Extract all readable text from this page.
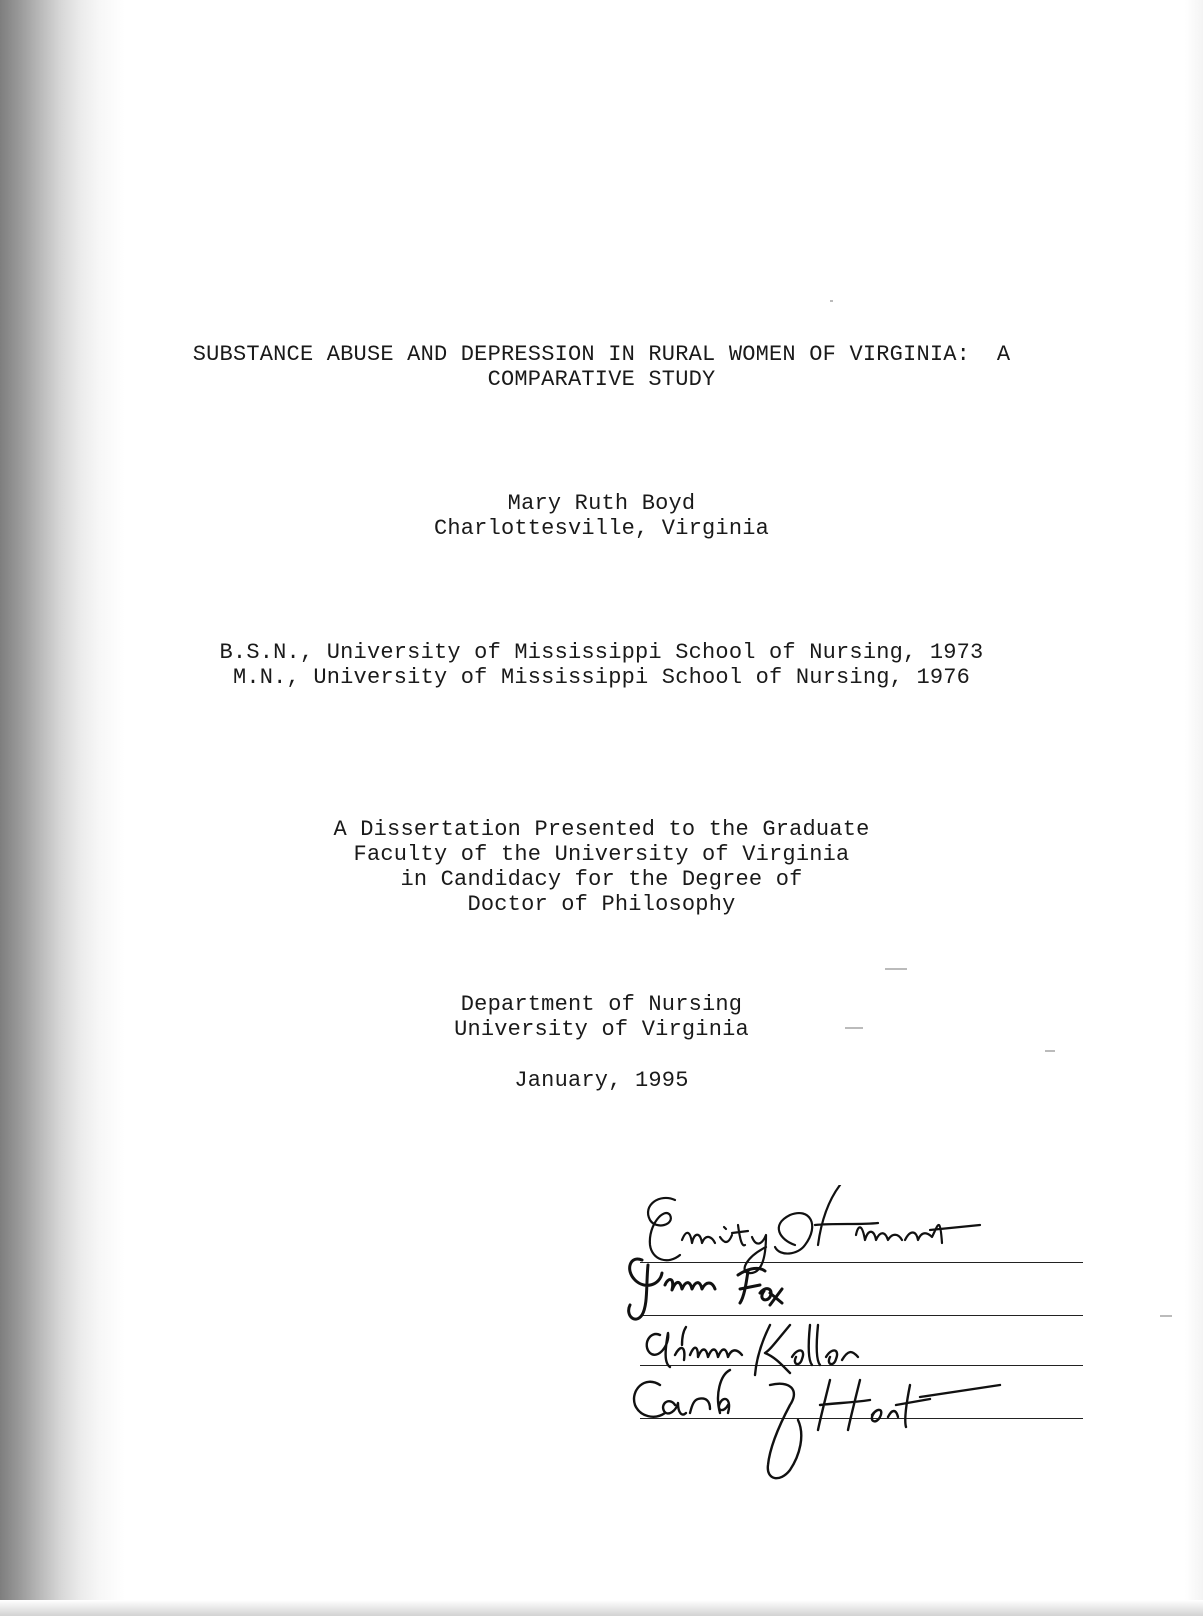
SUBSTANCE ABUSE AND DEPRESSION IN RURAL WOMEN OF VIRGINIA:  A
COMPARATIVE STUDY
Mary Ruth Boyd
Charlottesville, Virginia
B.S.N., University of Mississippi School of Nursing, 1973
M.N., University of Mississippi School of Nursing, 1976
A Dissertation Presented to the Graduate
Faculty of the University of Virginia
in Candidacy for the Degree of
Doctor of Philosophy
Department of Nursing
University of Virginia
January, 1995
